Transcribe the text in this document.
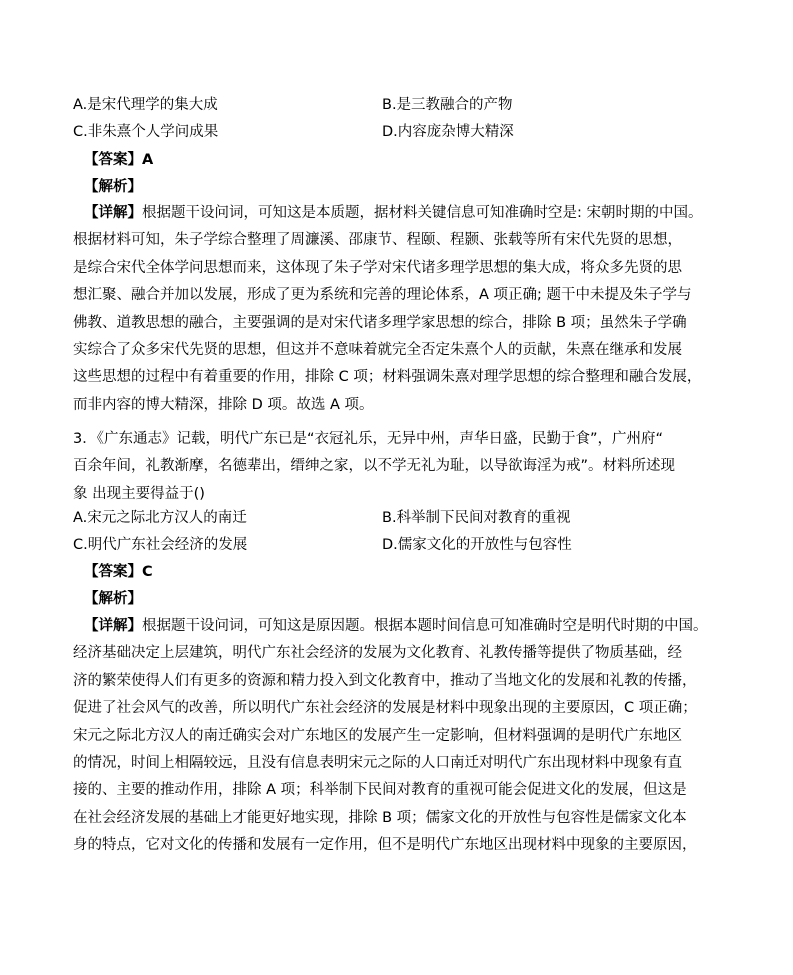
A.是宋代理学的集大成	B.是三教融合的产物
C.非朱熹个人学问成果	D.内容庞杂博大精深
【答案】A
【解析】
【详解】根据题干设问词，可知这是本质题，据材料关键信息可知准确时空是: 宋朝时期的中国。
根据材料可知，朱子学综合整理了周濂溪、邵康节、程颐、程颢、张载等所有宋代先贤的思想，
是综合宋代全体学问思想而来，这体现了朱子学对宋代诸多理学思想的集大成，将众多先贤的思
想汇聚、融合并加以发展，形成了更为系统和完善的理论体系，A 项正确; 题干中未提及朱子学与
佛教、道教思想的融合，主要强调的是对宋代诸多理学家思想的综合，排除 B 项；虽然朱子学确
实综合了众多宋代先贤的思想，但这并不意味着就完全否定朱熹个人的贡献，朱熹在继承和发展
这些思想的过程中有着重要的作用，排除 C 项；材料强调朱熹对理学思想的综合整理和融合发展，
而非内容的博大精深，排除 D 项。故选 A 项。
3．《广东通志》记载，明代广东已是“衣冠礼乐，无异中州，声华日盛，民勤于食”，广州府“
百余年间，礼教渐摩，名德辈出，缙绅之家，以不学无礼为耻，以导欲诲淫为戒”。材料所述现
象 出现主要得益于()
A.宋元之际北方汉人的南迁	B.科举制下民间对教育的重视
C.明代广东社会经济的发展	D.儒家文化的开放性与包容性
【答案】C
【解析】
【详解】根据题干设问词，可知这是原因题。根据本题时间信息可知准确时空是明代时期的中国。
经济基础决定上层建筑，明代广东社会经济的发展为文化教育、礼教传播等提供了物质基础，经
济的繁荣使得人们有更多的资源和精力投入到文化教育中，推动了当地文化的发展和礼教的传播，
促进了社会风气的改善，所以明代广东社会经济的发展是材料中现象出现的主要原因，C 项正确；
宋元之际北方汉人的南迁确实会对广东地区的发展产生一定影响，但材料强调的是明代广东地区
的情况，时间上相隔较远，且没有信息表明宋元之际的人口南迁对明代广东出现材料中现象有直
接的、主要的推动作用，排除 A 项；科举制下民间对教育的重视可能会促进文化的发展，但这是
在社会经济发展的基础上才能更好地实现，排除 B 项；儒家文化的开放性与包容性是儒家文化本
身的特点，它对文化的传播和发展有一定作用，但不是明代广东地区出现材料中现象的主要原因，
